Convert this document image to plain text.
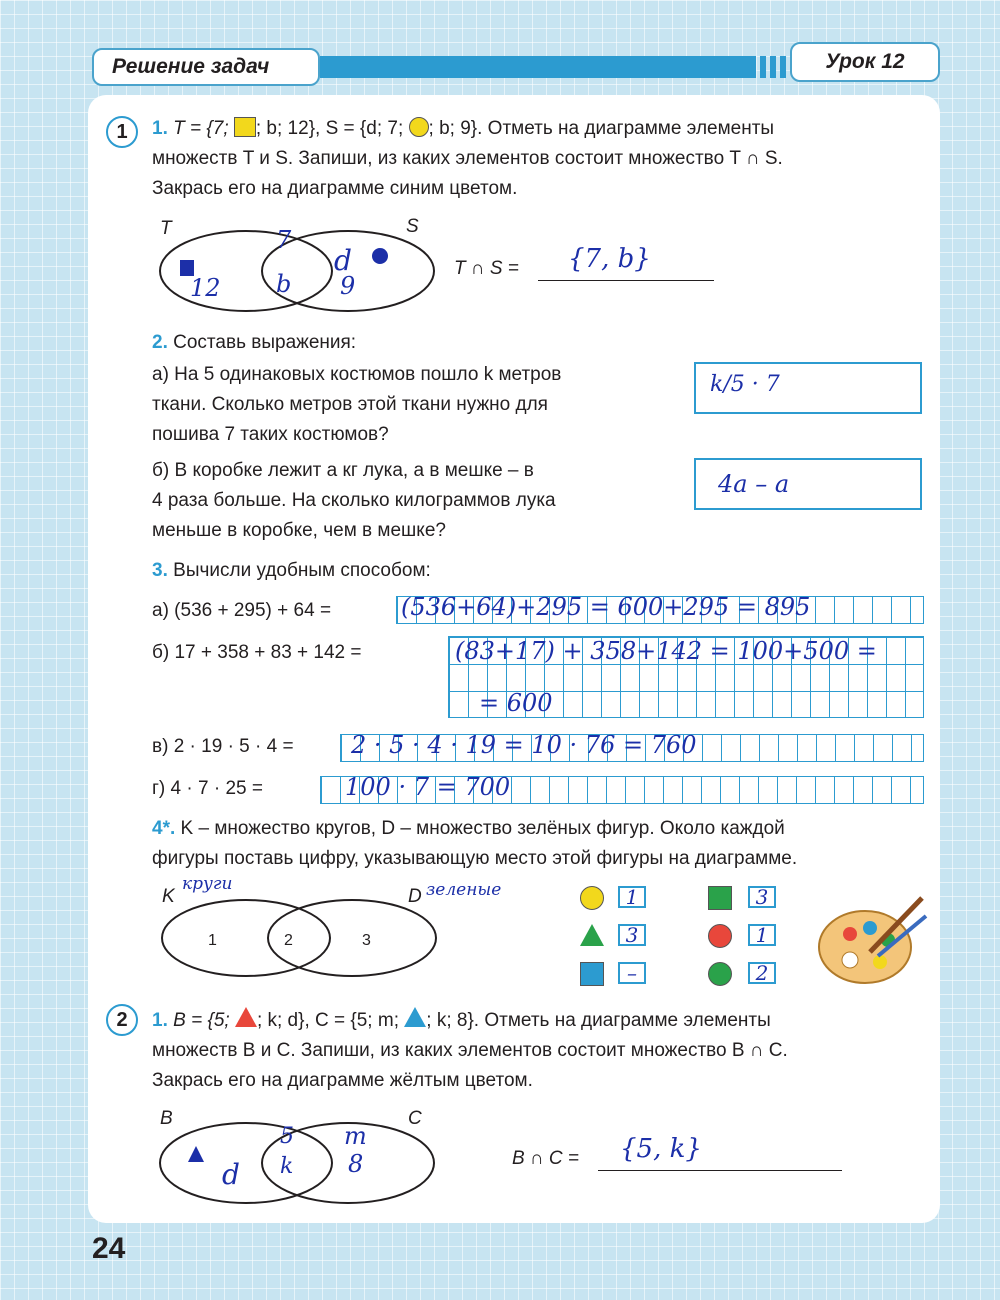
Решение задач	Урок 12
1	1. T = {7; ; b; 12}, S = {d; 7; ; b; 9}. Отметь на диаграмме элементы
множеств T и S. Запиши, из каких элементов состоит множество T ∩ S.
Закрась его на диаграмме синим цветом.
T	S
12
7
b
d
9
T ∩ S = {7, b}
2. Составь выражения:
а) На 5 одинаковых костюмов пошло k метров
ткани. Сколько метров этой ткани нужно для
пошива 7 таких костюмов?
k/5 · 7
б) В коробке лежит a кг лука, а в мешке – в
4 раза больше. На сколько килограммов лука
меньше в коробке, чем в мешке?
4a – a
3. Вычисли удобным способом:
а) (536 + 295) + 64 =	(536+64)+295 = 600+295 = 895
б) 17 + 358 + 83 + 142 =	(83+17) + 358+142 = 100+500 =
= 600
в) 2 · 19 · 5 · 4 = 2 · 5 · 4 · 19 = 10 · 76 = 760
г) 4 · 7 · 25 =	100 · 7 = 700
4*. K – множество кругов, D – множество зелёных фигур. Около каждой
фигуры поставь цифру, указывающую место этой фигуры на диаграмме.
K
круги
D зеленые
1	2	3
1	3
3	1
–	2
2	1. B = {5; ; k; d}, C = {5; m; ; k; 8}. Отметь на диаграмме элементы
множеств B и C. Запиши, из каких элементов состоит множество B ∩ C.
Закрась его на диаграмме жёлтым цветом.
B	C
d
5
k
m
8	B ∩ C = {5, k}
24
